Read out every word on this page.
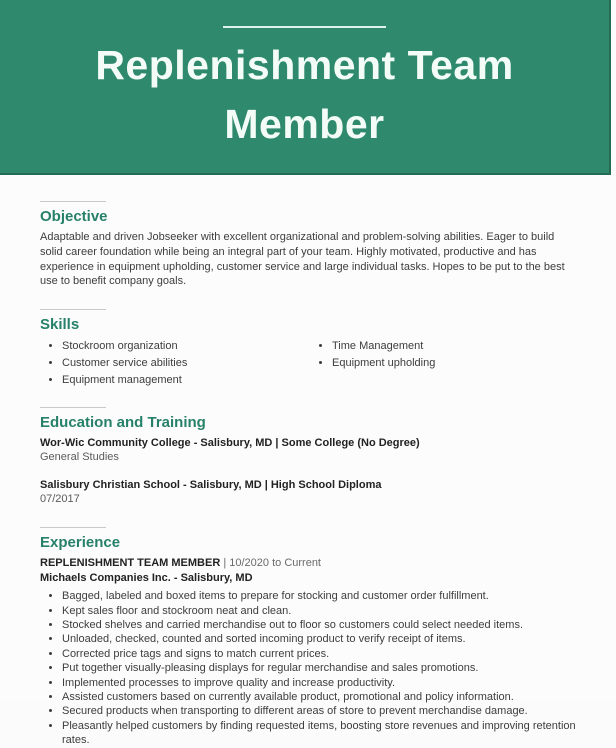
Replenishment Team Member
Objective

Adaptable and driven Jobseeker with excellent organizational and problem-solving abilities. Eager to build solid career foundation while being an integral part of your team. Highly motivated, productive and has experience in equipment upholding, customer service and large individual tasks. Hopes to be put to the best use to benefit company goals.

Skills
• Stockroom organization
• Customer service abilities
• Equipment management
• Time Management
• Equipment upholding
Education and Training
Wor-Wic Community College - Salisbury, MD | Some College (No Degree)
General Studies
Salisbury Christian School - Salisbury, MD | High School Diploma
07/2017
Experience
REPLENISHMENT TEAM MEMBER | 10/2020 to Current
Michaels Companies Inc. - Salisbury, MD
• Bagged, labeled and boxed items to prepare for stocking and customer order fulfillment.
• Kept sales floor and stockroom neat and clean.
• Stocked shelves and carried merchandise out to floor so customers could select needed items.
• Unloaded, checked, counted and sorted incoming product to verify receipt of items.
• Corrected price tags and signs to match current prices.
• Put together visually-pleasing displays for regular merchandise and sales promotions.
• Implemented processes to improve quality and increase productivity.
• Assisted customers based on currently available product, promotional and policy information.
• Secured products when transporting to different areas of store to prevent merchandise damage.
• Pleasantly helped customers by finding requested items, boosting store revenues and improving retention rates.
